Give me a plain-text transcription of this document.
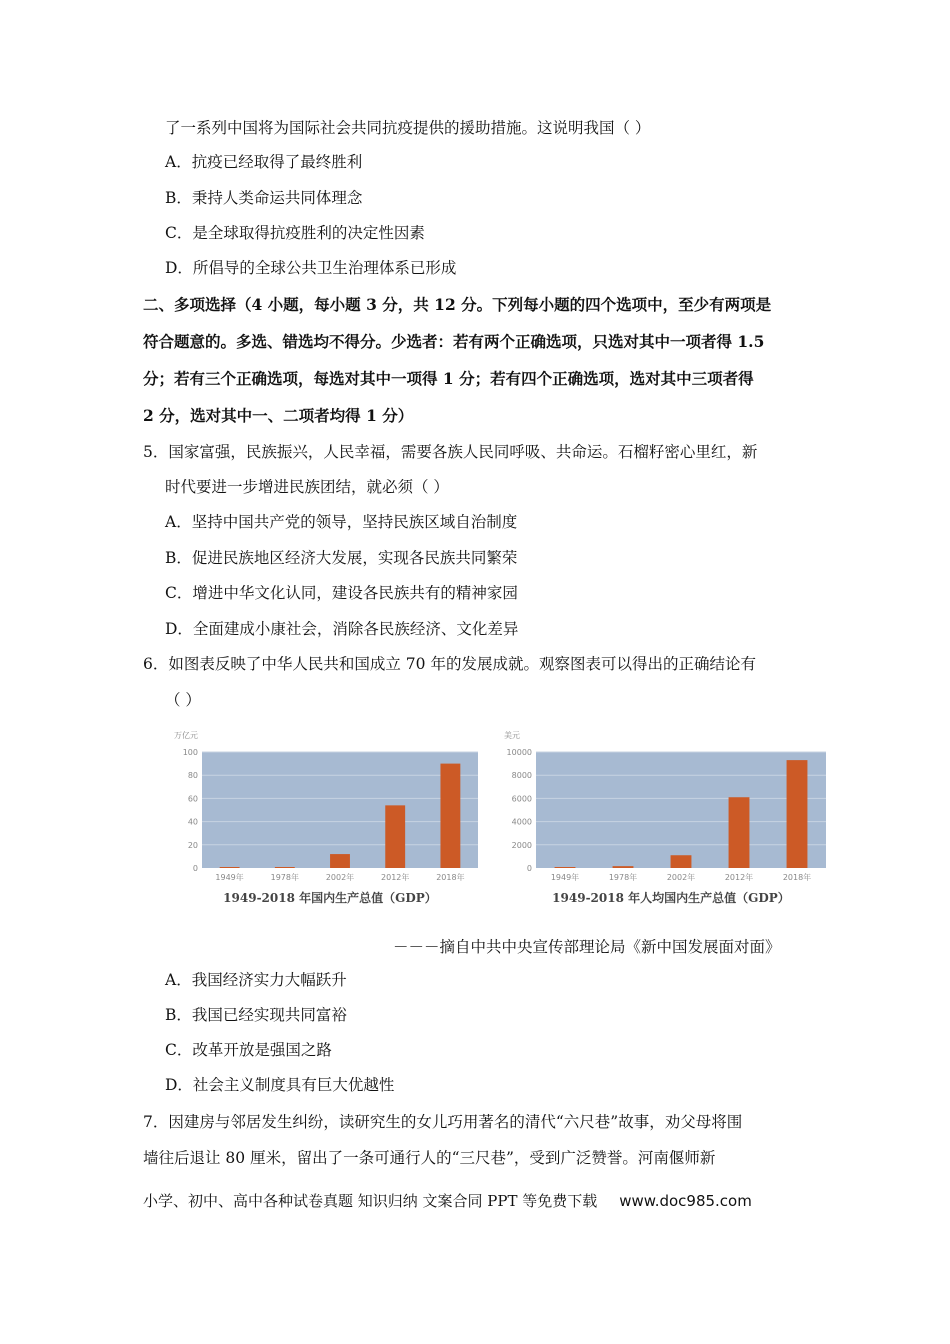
了一系列中国将为国际社会共同抗疫提供的援助措施。这说明我国（ ）
A．抗疫已经取得了最终胜利
B．秉持人类命运共同体理念
C．是全球取得抗疫胜利的决定性因素
D．所倡导的全球公共卫生治理体系已形成
二、多项选择（4 小题，每小题 3 分，共 12 分。下列每小题的四个选项中，至少有两项是
符合题意的。多选、错选均不得分。少选者：若有两个正确选项，只选对其中一项者得 1.5
分；若有三个正确选项，每选对其中一项得 1 分；若有四个正确选项，选对其中三项者得
2 分，选对其中一、二项者均得 1 分）
5．国家富强，民族振兴，人民幸福，需要各族人民同呼吸、共命运。石榴籽密心里红，新
时代要进一步增进民族团结，就必须（ ）
A．坚持中国共产党的领导，坚持民族区域自治制度
B．促进民族地区经济大发展，实现各民族共同繁荣
C．增进中华文化认同，建设各民族共有的精神家园
D．全面建成小康社会，消除各民族经济、文化差异
6．如图表反映了中华人民共和国成立 70 年的发展成就。观察图表可以得出的正确结论有
（ ）
万亿元
0
20
40
60
80
100
1949年	1978年	2002年	2012年	2018年
1949-2018 年国内生产总值（GDP）
美元
0
2000
4000
6000
8000
10000
1949年	1978年	2002年	2012年	2018年
1949-2018 年人均国内生产总值（GDP）
－－－摘自中共中央宣传部理论局《新中国发展面对面》
A．我国经济实力大幅跃升
B．我国已经实现共同富裕
C．改革开放是强国之路
D．社会主义制度具有巨大优越性
7．因建房与邻居发生纠纷，读研究生的女儿巧用著名的清代“六尺巷”故事，劝父母将围
墙往后退让 80 厘米，留出了一条可通行人的“三尺巷”，受到广泛赞誉。河南偃师新
小学、初中、高中各种试卷真题 知识归纳 文案合同 PPT 等免费下载 www.doc985.com
